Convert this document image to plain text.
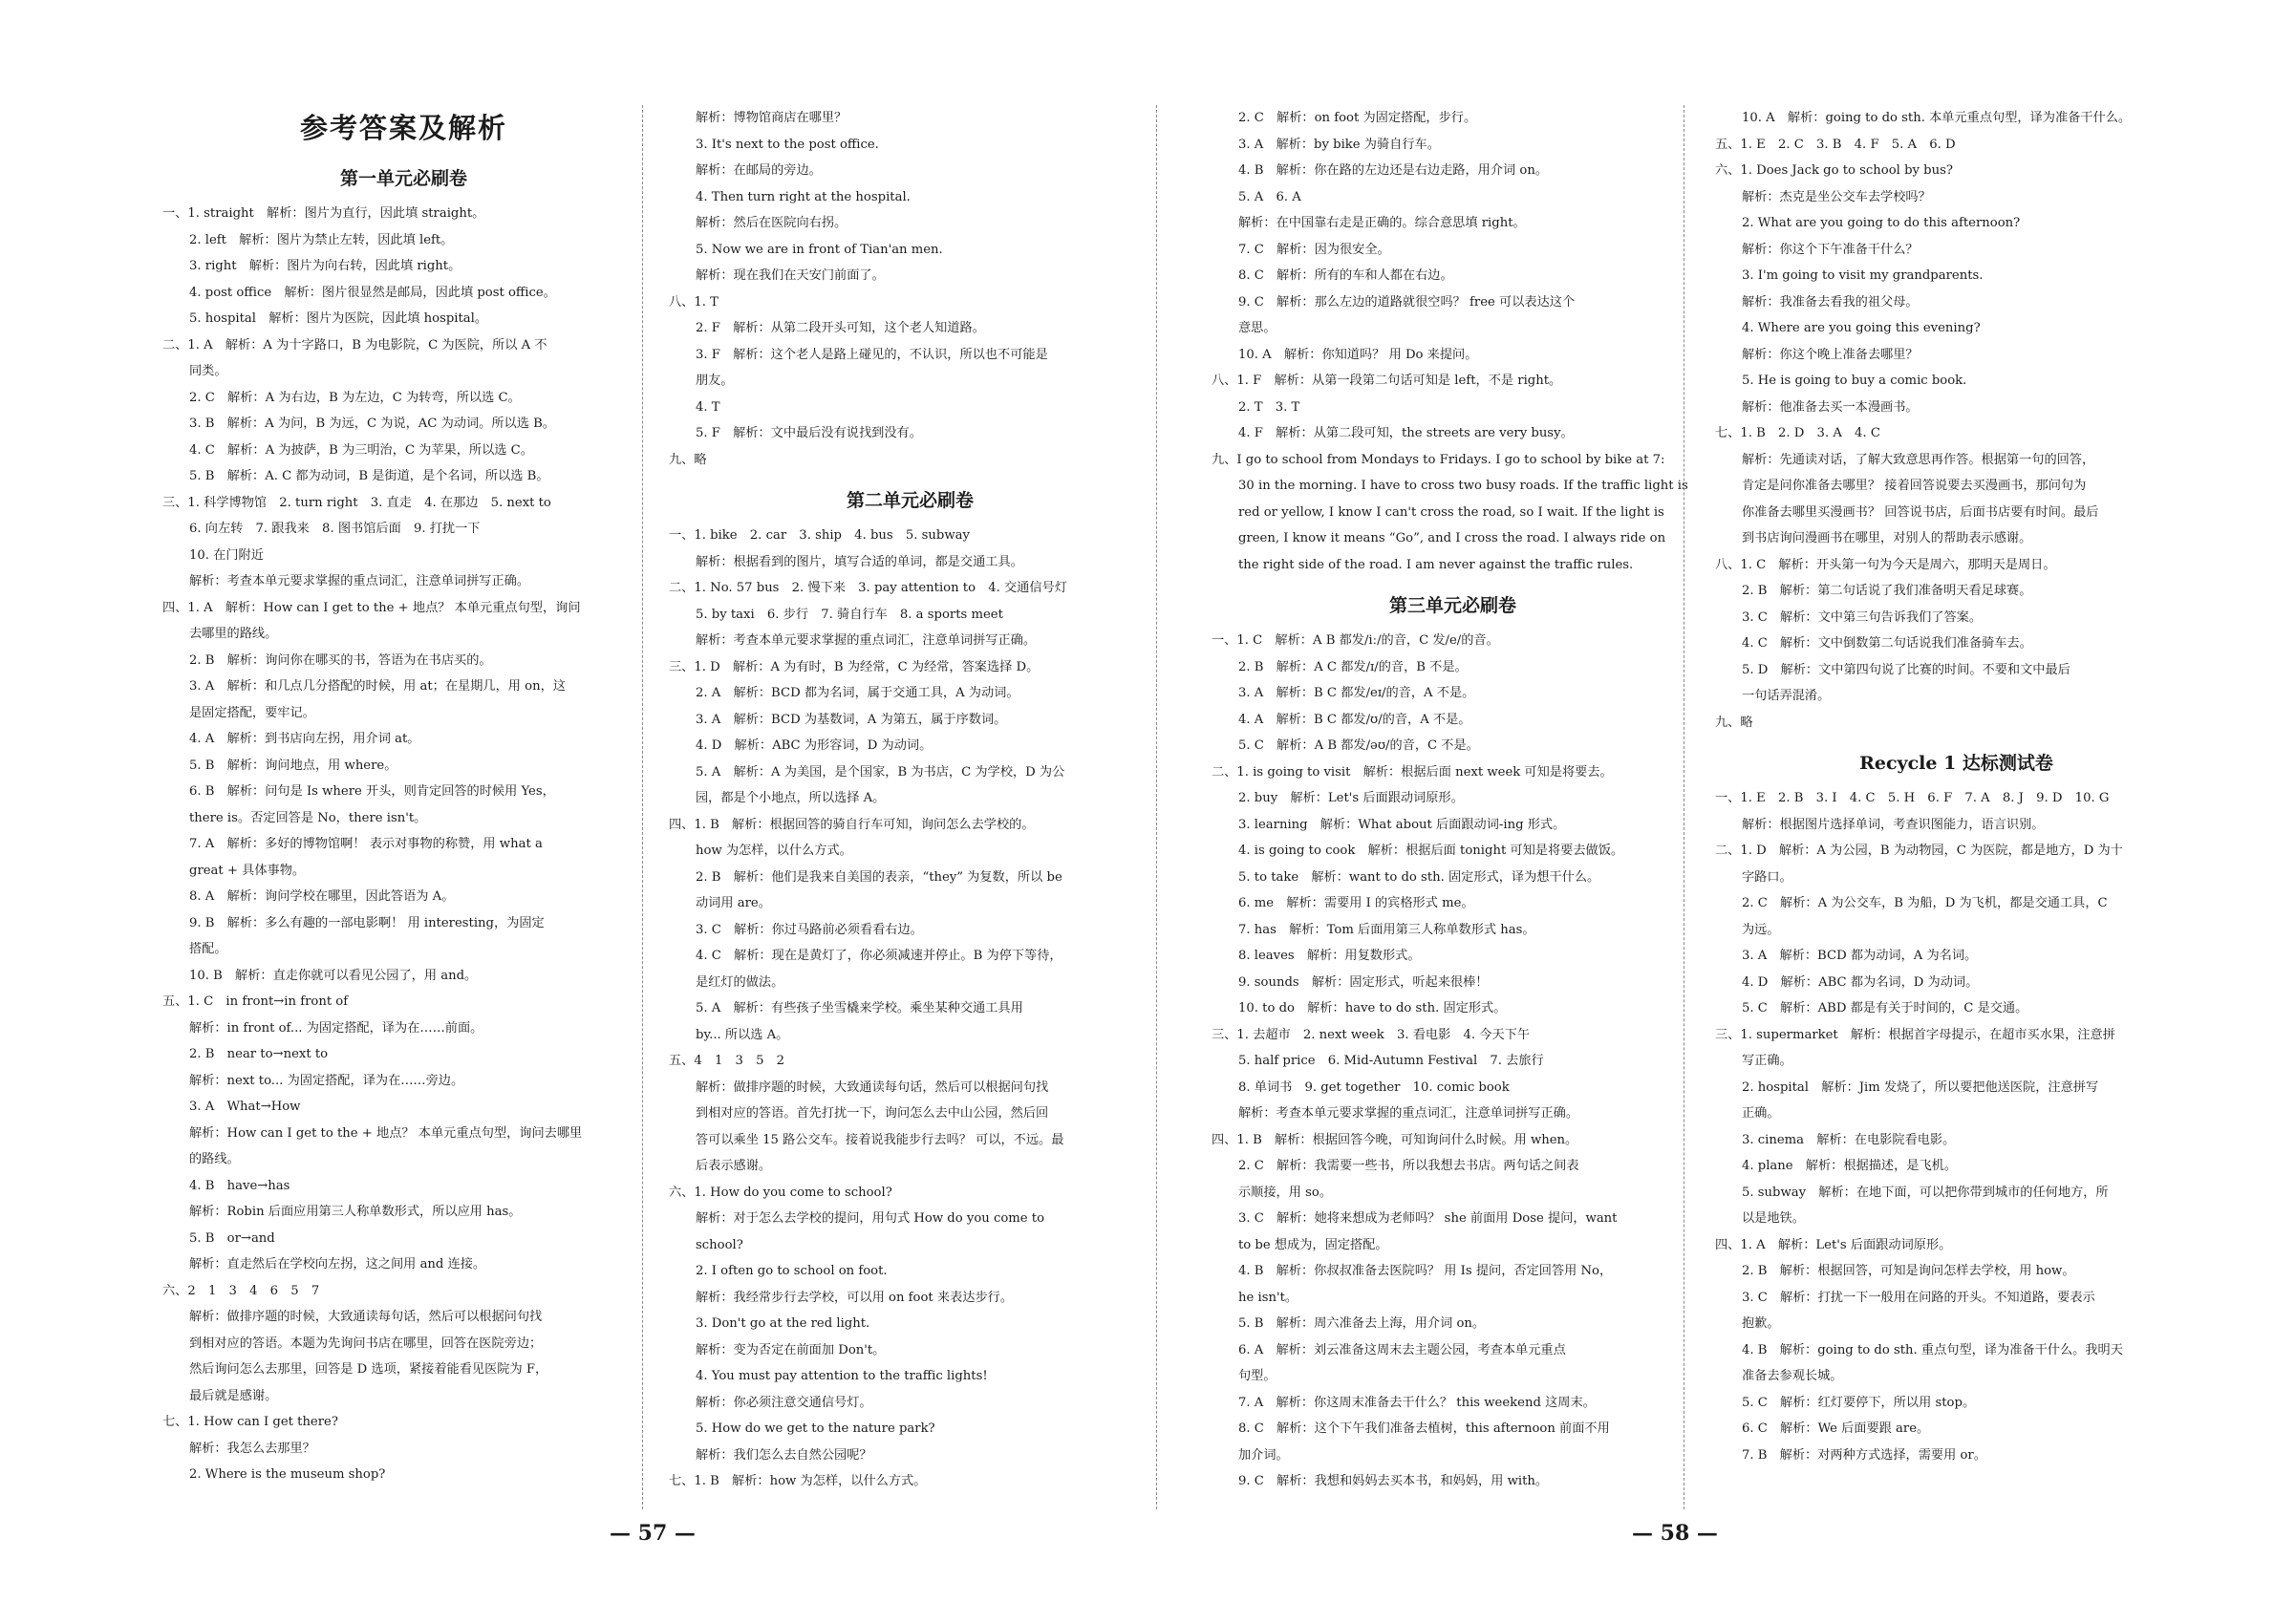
参考答案及解析
第一单元必刷卷
一、1. straight　解析：图片为直行，因此填 straight。
2. left　解析：图片为禁止左转，因此填 left。
3. right　解析：图片为向右转，因此填 right。
4. post office　解析：图片很显然是邮局，因此填 post office。
5. hospital　解析：图片为医院，因此填 hospital。
二、1. A　解析：A 为十字路口，B 为电影院，C 为医院，所以 A 不
同类。
2. C　解析：A 为右边，B 为左边，C 为转弯，所以选 C。
3. B　解析：A 为问，B 为远，C 为说，AC 为动词。所以选 B。
4. C　解析：A 为披萨，B 为三明治，C 为苹果，所以选 C。
5. B　解析：A. C 都为动词，B 是街道，是个名词，所以选 B。
三、1. 科学博物馆　2. turn right　3. 直走　4. 在那边　5. next to
6. 向左转　7. 跟我来　8. 图书馆后面　9. 打扰一下
10. 在门附近
解析：考查本单元要求掌握的重点词汇，注意单词拼写正确。
四、1. A　解析：How can I get to the + 地点？ 本单元重点句型，询问
去哪里的路线。
2. B　解析：询问你在哪买的书，答语为在书店买的。
3. A　解析：和几点几分搭配的时候，用 at；在星期几，用 on，这
是固定搭配，要牢记。
4. A　解析：到书店向左拐，用介词 at。
5. B　解析：询问地点，用 where。
6. B　解析：问句是 Is where 开头，则肯定回答的时候用 Yes，
there is。否定回答是 No，there isn't。
7. A　解析：多好的博物馆啊！ 表示对事物的称赞，用 what a
great + 具体事物。
8. A　解析：询问学校在哪里，因此答语为 A。
9. B　解析：多么有趣的一部电影啊！ 用 interesting，为固定
搭配。
10. B　解析：直走你就可以看见公园了，用 and。
五、1. C　in front→in front of
解析：in front of... 为固定搭配，译为在……前面。
2. B　near to→next to
解析：next to... 为固定搭配，译为在……旁边。
3. A　What→How
解析：How can I get to the + 地点？ 本单元重点句型，询问去哪里
的路线。
4. B　have→has
解析：Robin 后面应用第三人称单数形式，所以应用 has。
5. B　or→and
解析：直走然后在学校向左拐，这之间用 and 连接。
六、2　1　3　4　6　5　7
解析：做排序题的时候，大致通读每句话，然后可以根据问句找
到相对应的答语。本题为先询问书店在哪里，回答在医院旁边；
然后询问怎么去那里，回答是 D 选项，紧接着能看见医院为 F，
最后就是感谢。
七、1. How can I get there?
解析：我怎么去那里？
2. Where is the museum shop?
解析：博物馆商店在哪里？
3. It's next to the post office.
解析：在邮局的旁边。
4. Then turn right at the hospital.
解析：然后在医院向右拐。
5. Now we are in front of Tian'an men.
解析：现在我们在天安门前面了。
八、1. T
2. F　解析：从第二段开头可知，这个老人知道路。
3. F　解析：这个老人是路上碰见的，不认识，所以也不可能是
朋友。
4. T
5. F　解析：文中最后没有说找到没有。
九、略
第二单元必刷卷
一、1. bike　2. car　3. ship　4. bus　5. subway
解析：根据看到的图片，填写合适的单词，都是交通工具。
二、1. No. 57 bus　2. 慢下来　3. pay attention to　4. 交通信号灯
5. by taxi　6. 步行　7. 骑自行车　8. a sports meet
解析：考查本单元要求掌握的重点词汇，注意单词拼写正确。
三、1. D　解析：A 为有时，B 为经常，C 为经常，答案选择 D。
2. A　解析：BCD 都为名词，属于交通工具，A 为动词。
3. A　解析：BCD 为基数词，A 为第五，属于序数词。
4. D　解析：ABC 为形容词，D 为动词。
5. A　解析：A 为美国，是个国家，B 为书店，C 为学校，D 为公
园，都是个小地点，所以选择 A。
四、1. B　解析：根据回答的骑自行车可知，询问怎么去学校的。
how 为怎样，以什么方式。
2. B　解析：他们是我来自美国的表亲，“they” 为复数，所以 be
动词用 are。
3. C　解析：你过马路前必须看看右边。
4. C　解析：现在是黄灯了，你必须减速并停止。B 为停下等待，
是红灯的做法。
5. A　解析：有些孩子坐雪橇来学校。乘坐某种交通工具用
by... 所以选 A。
五、4　1　3　5　2
解析：做排序题的时候，大致通读每句话，然后可以根据问句找
到相对应的答语。首先打扰一下，询问怎么去中山公园，然后回
答可以乘坐 15 路公交车。接着说我能步行去吗？ 可以，不远。最
后表示感谢。
六、1. How do you come to school?
解析：对于怎么去学校的提问，用句式 How do you come to
school?
2. I often go to school on foot.
解析：我经常步行去学校，可以用 on foot 来表达步行。
3. Don't go at the red light.
解析：变为否定在前面加 Don't。
4. You must pay attention to the traffic lights!
解析：你必须注意交通信号灯。
5. How do we get to the nature park?
解析：我们怎么去自然公园呢？
七、1. B　解析：how 为怎样，以什么方式。
2. C　解析：on foot 为固定搭配，步行。
3. A　解析：by bike 为骑自行车。
4. B　解析：你在路的左边还是右边走路，用介词 on。
5. A　6. A
解析：在中国靠右走是正确的。综合意思填 right。
7. C　解析：因为很安全。
8. C　解析：所有的车和人都在右边。
9. C　解析：那么左边的道路就很空吗？ free 可以表达这个
意思。
10. A　解析：你知道吗？ 用 Do 来提问。
八、1. F　解析：从第一段第二句话可知是 left，不是 right。
2. T　3. T
4. F　解析：从第二段可知，the streets are very busy。
九、I go to school from Mondays to Fridays. I go to school by bike at 7:
30 in the morning. I have to cross two busy roads. If the traffic light is
red or yellow, I know I can't cross the road, so I wait. If the light is
green, I know it means “Go”, and I cross the road. I always ride on
the right side of the road. I am never against the traffic rules.
第三单元必刷卷
一、1. C　解析：A B 都发/iː/的音，C 发/e/的音。
2. B　解析：A C 都发/ɪ/的音，B 不是。
3. A　解析：B C 都发/eɪ/的音，A 不是。
4. A　解析：B C 都发/ʊ/的音，A 不是。
5. C　解析：A B 都发/əʊ/的音，C 不是。
二、1. is going to visit　解析：根据后面 next week 可知是将要去。
2. buy　解析：Let's 后面跟动词原形。
3. learning　解析：What about 后面跟动词-ing 形式。
4. is going to cook　解析：根据后面 tonight 可知是将要去做饭。
5. to take　解析：want to do sth. 固定形式，译为想干什么。
6. me　解析：需要用 I 的宾格形式 me。
7. has　解析：Tom 后面用第三人称单数形式 has。
8. leaves　解析：用复数形式。
9. sounds　解析：固定形式，听起来很棒！
10. to do　解析：have to do sth. 固定形式。
三、1. 去超市　2. next week　3. 看电影　4. 今天下午
5. half price　6. Mid-Autumn Festival　7. 去旅行
8. 单词书　9. get together　10. comic book
解析：考查本单元要求掌握的重点词汇，注意单词拼写正确。
四、1. B　解析：根据回答今晚，可知询问什么时候。用 when。
2. C　解析：我需要一些书，所以我想去书店。两句话之间表
示顺接，用 so。
3. C　解析：她将来想成为老师吗？ she 前面用 Dose 提问，want
to be 想成为，固定搭配。
4. B　解析：你叔叔准备去医院吗？ 用 Is 提问，否定回答用 No，
he isn't。
5. B　解析：周六准备去上海，用介词 on。
6. A　解析：刘云准备这周末去主题公园，考查本单元重点
句型。
7. A　解析：你这周末准备去干什么？ this weekend 这周末。
8. C　解析：这个下午我们准备去植树，this afternoon 前面不用
加介词。
9. C　解析：我想和妈妈去买本书，和妈妈，用 with。
10. A　解析：going to do sth. 本单元重点句型，译为准备干什么。
五、1. E　2. C　3. B　4. F　5. A　6. D
六、1. Does Jack go to school by bus?
解析：杰克是坐公交车去学校吗？
2. What are you going to do this afternoon?
解析：你这个下午准备干什么？
3. I'm going to visit my grandparents.
解析：我准备去看我的祖父母。
4. Where are you going this evening?
解析：你这个晚上准备去哪里？
5. He is going to buy a comic book.
解析：他准备去买一本漫画书。
七、1. B　2. D　3. A　4. C
解析：先通读对话，了解大致意思再作答。根据第一句的回答，
肯定是问你准备去哪里？ 接着回答说要去买漫画书，那问句为
你准备去哪里买漫画书？ 回答说书店，后面书店要有时间。最后
到书店询问漫画书在哪里，对别人的帮助表示感谢。
八、1. C　解析：开头第一句为今天是周六，那明天是周日。
2. B　解析：第二句话说了我们准备明天看足球赛。
3. C　解析：文中第三句告诉我们了答案。
4. C　解析：文中倒数第二句话说我们准备骑车去。
5. D　解析：文中第四句说了比赛的时间。不要和文中最后
一句话弄混淆。
九、略
Recycle 1 达标测试卷
一、1. E　2. B　3. I　4. C　5. H　6. F　7. A　8. J　9. D　10. G
解析：根据图片选择单词，考查识图能力，语言识别。
二、1. D　解析：A 为公园，B 为动物园，C 为医院，都是地方，D 为十
字路口。
2. C　解析：A 为公交车，B 为船，D 为飞机，都是交通工具，C
为远。
3. A　解析：BCD 都为动词，A 为名词。
4. D　解析：ABC 都为名词，D 为动词。
5. C　解析：ABD 都是有关于时间的，C 是交通。
三、1. supermarket　解析：根据首字母提示，在超市买水果，注意拼
写正确。
2. hospital　解析：Jim 发烧了，所以要把他送医院，注意拼写
正确。
3. cinema　解析：在电影院看电影。
4. plane　解析：根据描述，是飞机。
5. subway　解析：在地下面，可以把你带到城市的任何地方，所
以是地铁。
四、1. A　解析：Let's 后面跟动词原形。
2. B　解析：根据回答，可知是询问怎样去学校，用 how。
3. C　解析：打扰一下一般用在问路的开头。不知道路，要表示
抱歉。
4. B　解析：going to do sth. 重点句型，译为准备干什么。我明天
准备去参观长城。
5. C　解析：红灯要停下，所以用 stop。
6. C　解析：We 后面要跟 are。
7. B　解析：对两种方式选择，需要用 or。
— 57 —	— 58 —
